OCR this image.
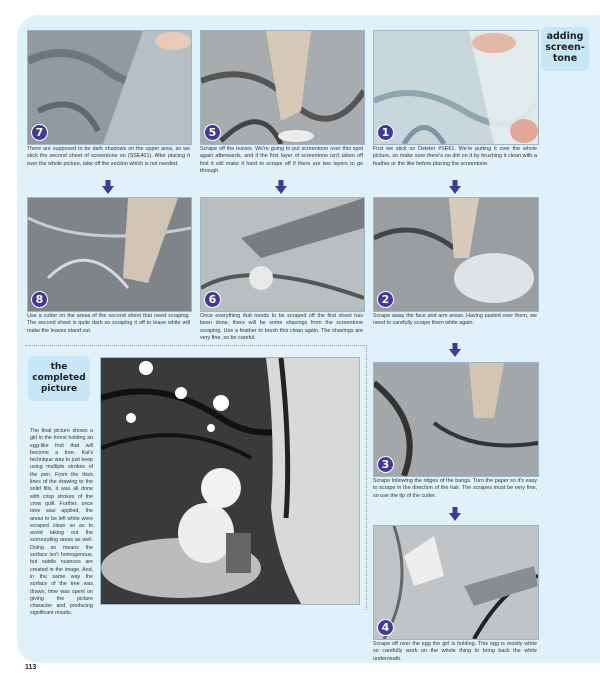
adding
screen-
tone
7
There are supposed to be dark shadows on the upper area, so we stick the second sheet of screentone on (SSE401). After placing it over the whole picture, take off the section which is not needed.
5
Scrape off the leaves. We're going to put screentone over this spot again afterwards, and if the first layer of screentone isn't taken off first it will make it hard to scrape off if there are two layers to go through.
1
First we stick on Deleter #SE61. We're putting it over the whole picture, so make sure there's no dirt on it by brushing it clean with a feather or the like before placing the screentone.
8
Use a cutter on the areas of the second sheet that need scraping. The second sheet is quite dark so scraping it off to leave white will make the leaves stand out.
6
Once everything that needs to be scraped off the first sheet has been done, there will be some shavings from the screentone scraping. Use a feather to brush this clean again. The shavings are very fine, so be careful.
2
Scrape away the face and arm areas. Having pasted over them, we need to carefully scrape them white again.
the
completed
picture
The final picture shows a girl in the forest holding an egg-like fruit that will become a tree. Kai's technique was to just keep using multiple strokes of the pen. From the thick lines of the drawing to the solid fills, it was all done with crisp strokes of the crow quill. Further, once tone was applied, the areas to be left white were scraped clean so as to avoid taking out the surrounding areas as well. Doing so means the surface isn't homogenous, but subtle nuances are created in the image. And, in the same way the surface of the tree was drawn, time was spent on giving the picture character and producing significant results.
3
Scrape following the ridges of the bangs. Turn the paper so it's easy to scrape in the direction of the hair. The scrapes must be very fine, so use the tip of the cutter.
4
Scrape off over the egg the girl is holding. This egg is mostly white so carefully work on the whole thing to bring back the white underneath.
113
